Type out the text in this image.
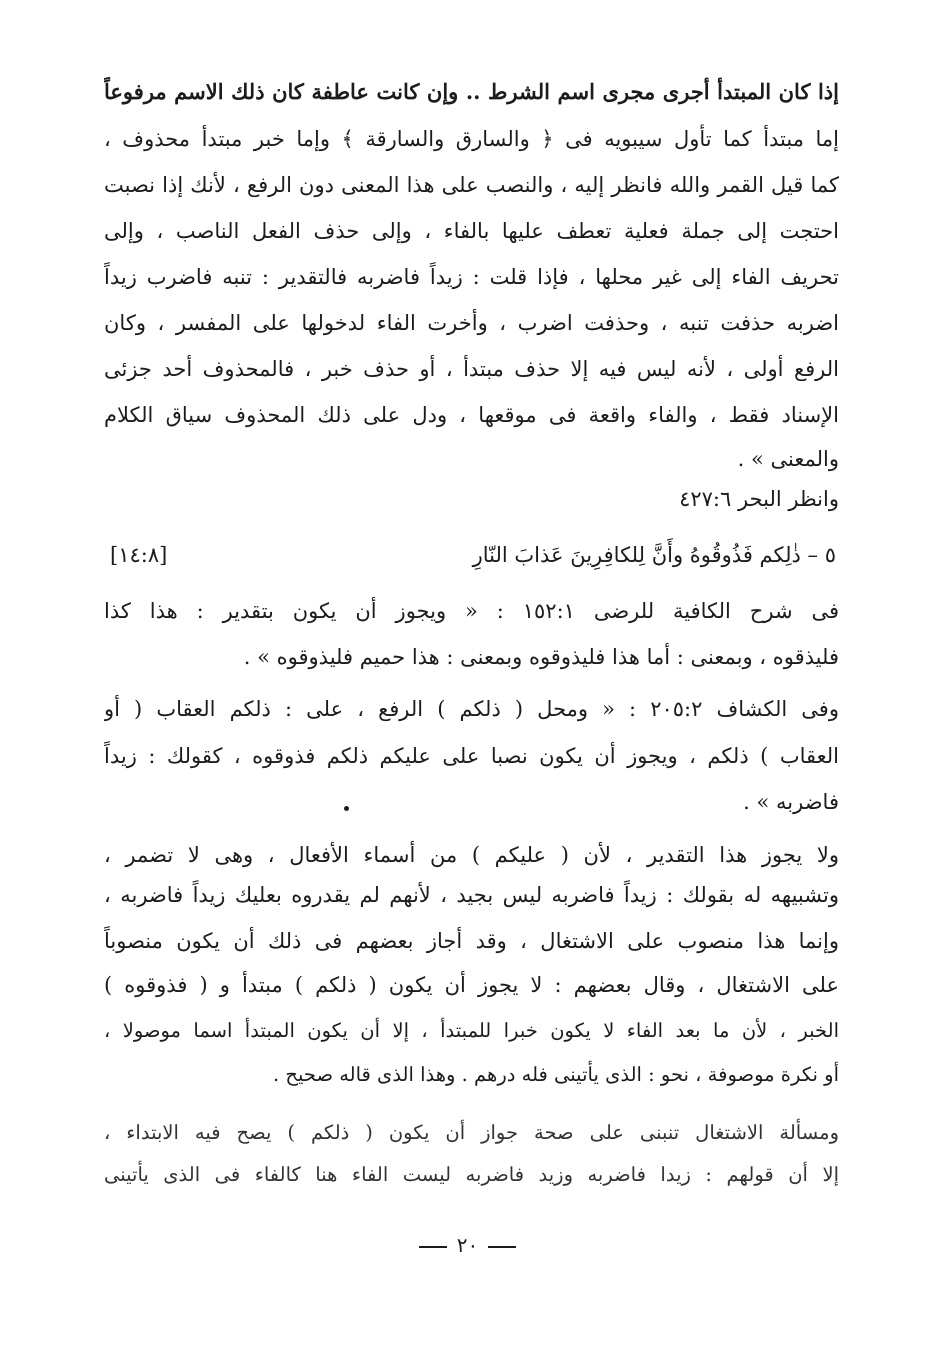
إذا كان المبتدأ أجرى مجرى اسم الشرط .. وإن كانت عاطفة كان ذلك الاسم مرفوعاً
إما مبتدأ كما تأول سيبويه فى ﴿ والسارق والسارقة ﴾ وإما خبر مبتدأ محذوف ،
كما قيل القمر والله فانظر إليه ، والنصب على هذا المعنى دون الرفع ، لأنك إذا نصبت
احتجت إلى جملة فعلية تعطف عليها بالفاء ، وإلى حذف الفعل الناصب ، وإلى
تحريف الفاء إلى غير محلها ، فإذا قلت : زيداً فاضربه فالتقدير : تنبه فاضرب زيداً
اضربه حذفت تنبه ، وحذفت اضرب ، وأخرت الفاء لدخولها على المفسر ، وكان
الرفع أولى ، لأنه ليس فيه إلا حذف مبتدأ ، أو حذف خبر ، فالمحذوف أحد جزئى
الإسناد فقط ، والفاء واقعة فى موقعها ، ودل على ذلك المحذوف سياق الكلام
والمعنى » .
وانظر البحر ٤٢٧:٦
٥ – ذٰلِكم فَذُوقُوهُ وأَنَّ لِلكافِرِينَ عَذابَ النّارِ
[١٤:٨]
فى شرح الكافية للرضى ١٥٢:١ : « ويجوز أن يكون بتقدير : هذا كذا
فليذقوه ، وبمعنى : أما هذا فليذوقوه وبمعنى : هذا حميم فليذوقوه » .
وفى الكشاف ٢٠٥:٢ : « ومحل ( ذلكم ) الرفع ، على : ذلكم العقاب ( أو
العقاب ) ذلكم ، ويجوز أن يكون نصبا على عليكم ذلكم فذوقوه ، كقولك : زيداً
فاضربه » .
ولا يجوز هذا التقدير ، لأن ( عليكم ) من أسماء الأفعال ، وهى لا تضمر ،
وتشبيهه له بقولك : زيداً فاضربه ليس بجيد ، لأنهم لم يقدروه بعليك زيداً فاضربه ،
وإنما هذا منصوب على الاشتغال ، وقد أجاز بعضهم فى ذلك أن يكون منصوباً
على الاشتغال ، وقال بعضهم : لا يجوز أن يكون ( ذلكم ) مبتدأ و ( فذوقوه )
الخبر ، لأن ما بعد الفاء لا يكون خبرا للمبتدأ ، إلا أن يكون المبتدأ اسما موصولا ،
أو نكرة موصوفة ، نحو : الذى يأتينى فله درهم . وهذا الذى قاله صحيح .
ومسألة الاشتغال تنبنى على صحة جواز أن يكون ( ذلكم ) يصح فيه الابتداء ،
إلا أن قولهم : زيدا فاضربه وزيد فاضربه ليست الفاء هنا كالفاء فى الذى يأتينى
٢٠
